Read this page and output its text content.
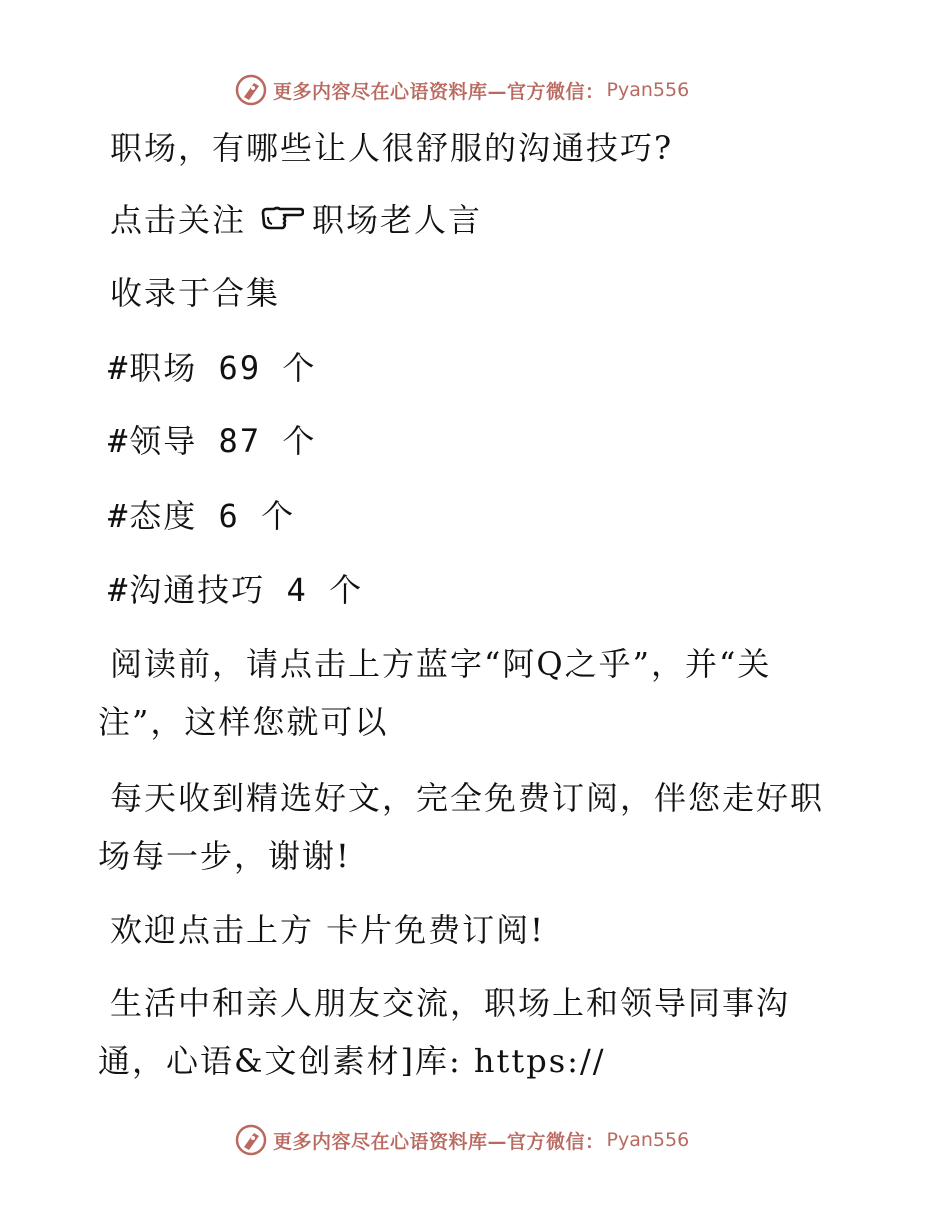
更多内容尽在心语资料库—官方微信： Pyan556
职场，有哪些让人很舒服的沟通技巧?
点击关注 职场老人言
收录于合集
#职场 69 个
#领导 87 个
#态度 6 个
#沟通技巧 4 个
阅读前，请点击上方蓝字“阿Q之乎”，并“关
注”，这样您就可以
每天收到精选好文，完全免费订阅，伴您走好职
场每一步，谢谢!
欢迎点击上方 卡片免费订阅!
生活中和亲人朋友交流，职场上和领导同事沟
通，心语&文创素材]库: https://
更多内容尽在心语资料库—官方微信： Pyan556
